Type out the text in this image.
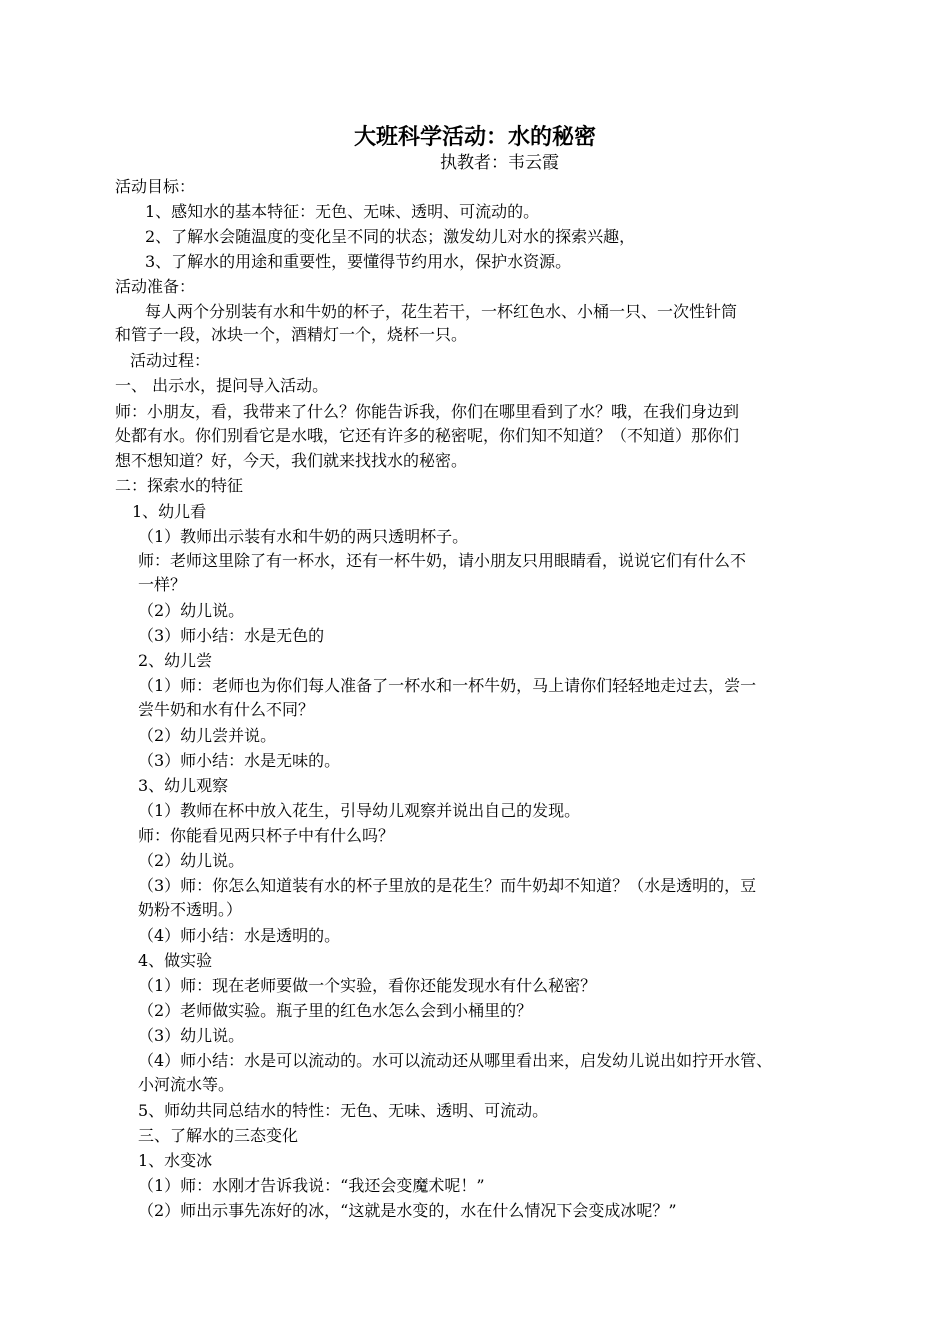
大班科学活动：水的秘密
执教者：韦云霞
活动目标：
1、感知水的基本特征：无色、无味、透明、可流动的。
2、了解水会随温度的变化呈不同的状态；激发幼儿对水的探索兴趣，
3、了解水的用途和重要性，要懂得节约用水，保护水资源。
活动准备：
每人两个分别装有水和牛奶的杯子，花生若干，一杯红色水、小桶一只、一次性针筒
和管子一段，冰块一个，酒精灯一个，烧杯一只。
活动过程：
一、 出示水，提问导入活动。
师：小朋友，看，我带来了什么？你能告诉我，你们在哪里看到了水？哦，在我们身边到
处都有水。你们别看它是水哦，它还有许多的秘密呢，你们知不知道？（不知道）那你们
想不想知道？好，今天，我们就来找找水的秘密。
二：探索水的特征
1、幼儿看
（1）教师出示装有水和牛奶的两只透明杯子。
师：老师这里除了有一杯水，还有一杯牛奶，请小朋友只用眼睛看，说说它们有什么不
一样？
（2）幼儿说。
（3）师小结：水是无色的
2、幼儿尝
（1）师：老师也为你们每人准备了一杯水和一杯牛奶，马上请你们轻轻地走过去，尝一
尝牛奶和水有什么不同？
（2）幼儿尝并说。
（3）师小结：水是无味的。
3、幼儿观察
（1）教师在杯中放入花生，引导幼儿观察并说出自己的发现。
师：你能看见两只杯子中有什么吗？
（2）幼儿说。
（3）师：你怎么知道装有水的杯子里放的是花生？而牛奶却不知道？（水是透明的，豆
奶粉不透明。）
（4）师小结：水是透明的。
4、做实验
（1）师：现在老师要做一个实验，看你还能发现水有什么秘密？
（2）老师做实验。瓶子里的红色水怎么会到小桶里的？
（3）幼儿说。
（4）师小结：水是可以流动的。水可以流动还从哪里看出来，启发幼儿说出如拧开水管、
小河流水等。
5、师幼共同总结水的特性：无色、无味、透明、可流动。
三、了解水的三态变化
1、水变冰
（1）师：水刚才告诉我说：“我还会变魔术呢！”
（2）师出示事先冻好的冰，“这就是水变的，水在什么情况下会变成冰呢？”
